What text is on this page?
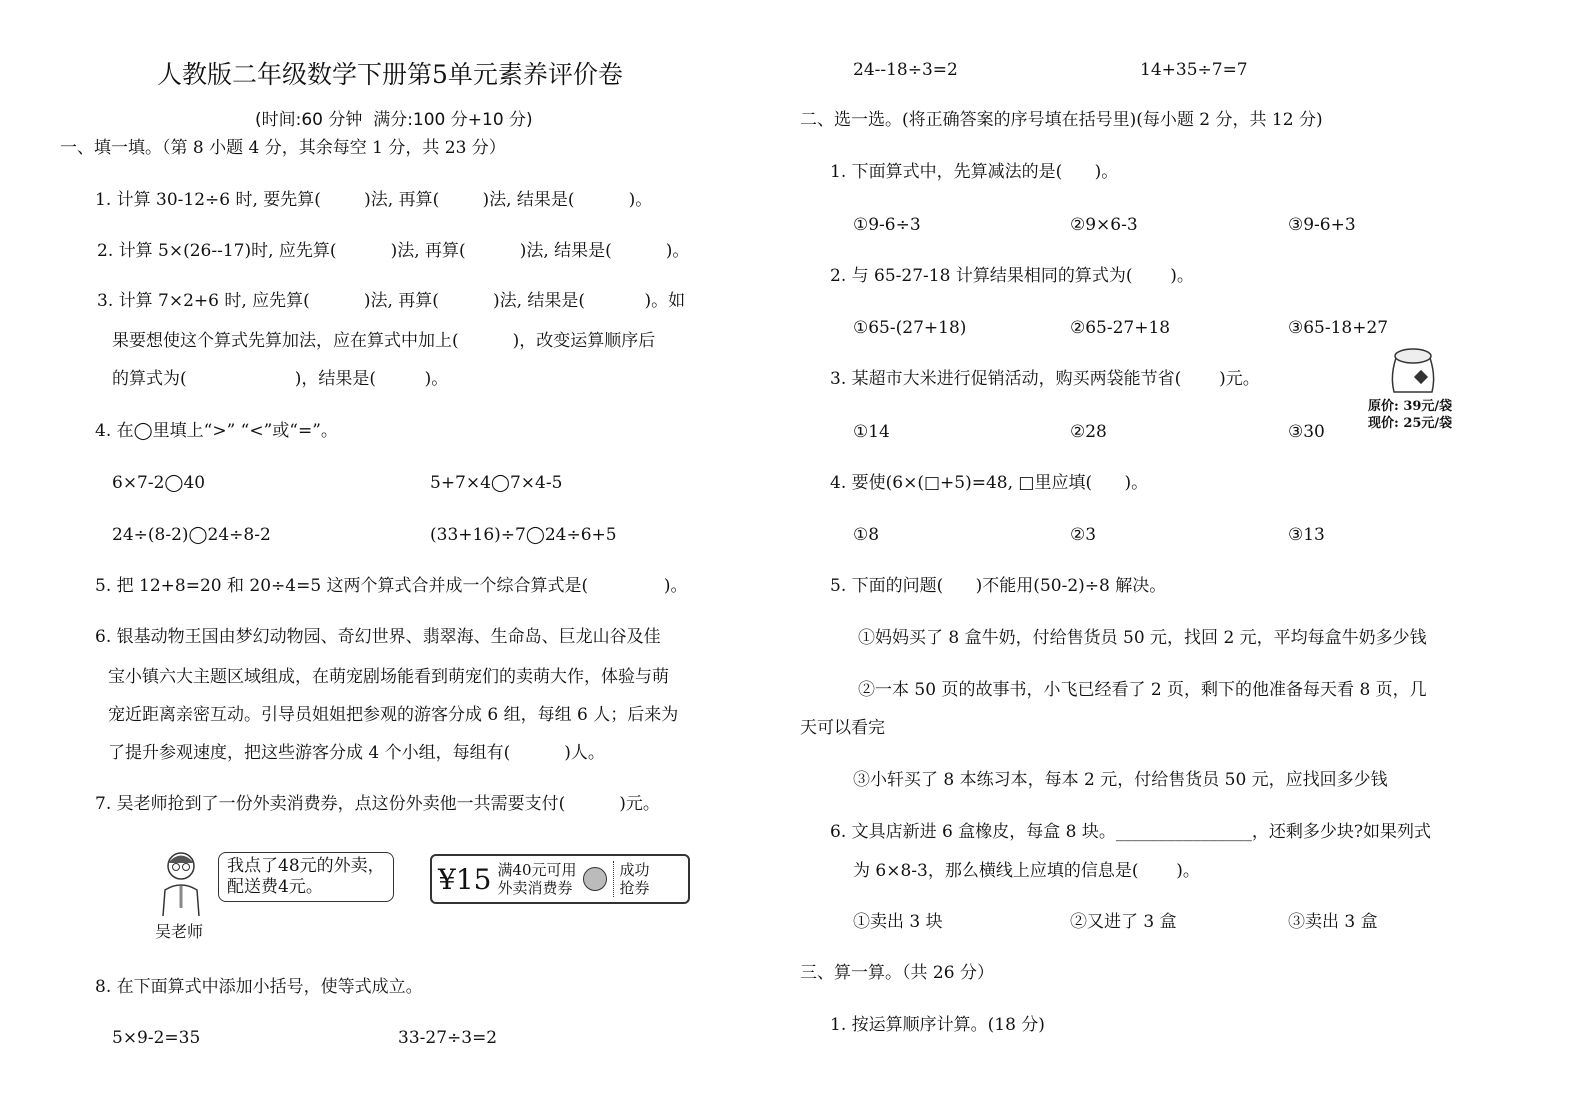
人教版二年级数学下册第5单元素养评价卷
(时间:60 分钟  满分:100 分+10 分)
一、填一填。（第 8 小题 4 分，其余每空 1 分，共 23 分）
1. 计算 30-12÷6 时, 要先算(        )法, 再算(        )法, 结果是(          )。
2. 计算 5×(26--17)时, 应先算(          )法, 再算(          )法, 结果是(          )。
3. 计算 7×2+6 时, 应先算(          )法, 再算(          )法, 结果是(           )。如
果要想使这个算式先算加法，应在算式中加上(          )，改变运算顺序后
的算式为(                    )，结果是(         )。
4. 在◯里填上“>” “<”或“=”。
6×7-2◯40	5+7×4◯7×4-5
24÷(8-2)◯24÷8-2	(33+16)÷7◯24÷6+5
5. 把 12+8=20 和 20÷4=5 这两个算式合并成一个综合算式是(              )。
6. 银基动物王国由梦幻动物园、奇幻世界、翡翠海、生命岛、巨龙山谷及佳
宝小镇六大主题区域组成，在萌宠剧场能看到萌宠们的卖萌大作，体验与萌
宠近距离亲密互动。引导员姐姐把参观的游客分成 6 组，每组 6 人；后来为
了提升参观速度，把这些游客分成 4 个小组，每组有(          )人。
7. 吴老师抢到了一份外卖消费券，点这份外卖他一共需要支付(          )元。
吴老师
我点了48元的外卖，
配送费4元。	¥15 满40元可用
外卖消费券
成功
抢券
8. 在下面算式中添加小括号，使等式成立。
5×9-2=35	33-27÷3=2
24--18÷3=2	14+35÷7=7
二、选一选。(将正确答案的序号填在括号里)(每小题 2 分，共 12 分)
1. 下面算式中，先算减法的是(      )。
①9-6÷3	②9×6-3	③9-6+3
2. 与 65-27-18 计算结果相同的算式为(       )。
①65-(27+18)	②65-27+18	③65-18+27
3. 某超市大米进行促销活动，购买两袋能节省(       )元。
原价: 39元/袋
现价: 25元/袋
①14	②28	③30
4. 要使(6×(□+5)=48, □里应填(      )。
①8	②3	③13
5. 下面的问题(      )不能用(50-2)÷8 解决。
①妈妈买了 8 盒牛奶，付给售货员 50 元，找回 2 元，平均每盒牛奶多少钱
②一本 50 页的故事书，小飞已经看了 2 页，剩下的他准备每天看 8 页，几
天可以看完
③小轩买了 8 本练习本，每本 2 元，付给售货员 50 元，应找回多少钱
6. 文具店新进 6 盒橡皮，每盒 8 块。________________，还剩多少块?如果列式
为 6×8-3，那么横线上应填的信息是(       )。
①卖出 3 块	②又进了 3 盒	③卖出 3 盒
三、算一算。（共 26 分）
1. 按运算顺序计算。(18 分)
